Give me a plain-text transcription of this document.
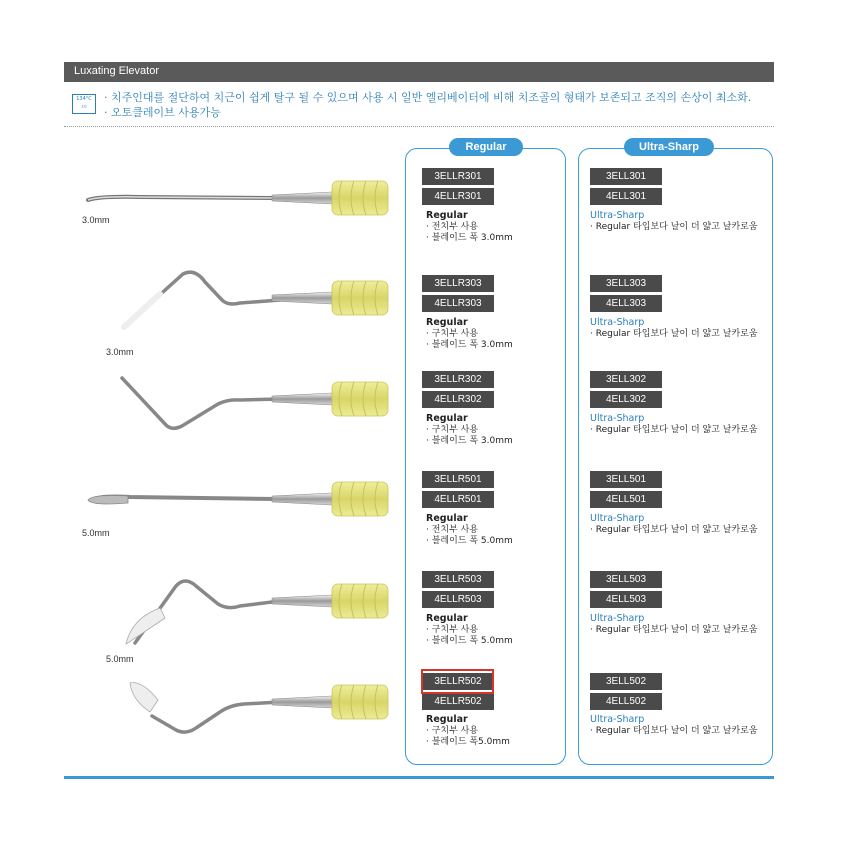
Luxating Elevator
134°C
≀≀≀
· 치주인대를 절단하여 치근이 쉽게 탈구 될 수 있으며 사용 시 일반 엘리베이터에 비해 치조골의 형태가 보존되고 조직의 손상이 최소화.
· 오토클레이브 사용가능
3.0mm
3.0mm
5.0mm
5.0mm
Regular	Ultra-Sharp
3ELLR301
4ELLR301
Regular
· 전치부 사용
· 블레이드 폭 3.0mm
3ELLR303
4ELLR303
Regular
· 구치부 사용
· 블레이드 폭 3.0mm
3ELLR302
4ELLR302
Regular
· 구치부 사용
· 블레이드 폭 3.0mm
3ELLR501
4ELLR501
Regular
· 전치부 사용
· 블레이드 폭 5.0mm
3ELLR503
4ELLR503
Regular
· 구치부 사용
· 블레이드 폭 5.0mm
3ELLR502
4ELLR502
Regular
· 구치부 사용
· 블레이드 폭5.0mm
3ELL301
4ELL301
Ultra-Sharp
· Regular 타입보다 날이 더 얇고 날카로움
3ELL303
4ELL303
Ultra-Sharp
· Regular 타입보다 날이 더 얇고 날카로움
3ELL302
4ELL302
Ultra-Sharp
· Regular 타입보다 날이 더 얇고 날카로움
3ELL501
4ELL501
Ultra-Sharp
· Regular 타입보다 날이 더 얇고 날카로움
3ELL503
4ELL503
Ultra-Sharp
· Regular 타입보다 날이 더 얇고 날카로움
3ELL502
4ELL502
Ultra-Sharp
· Regular 타입보다 날이 더 얇고 날카로움
